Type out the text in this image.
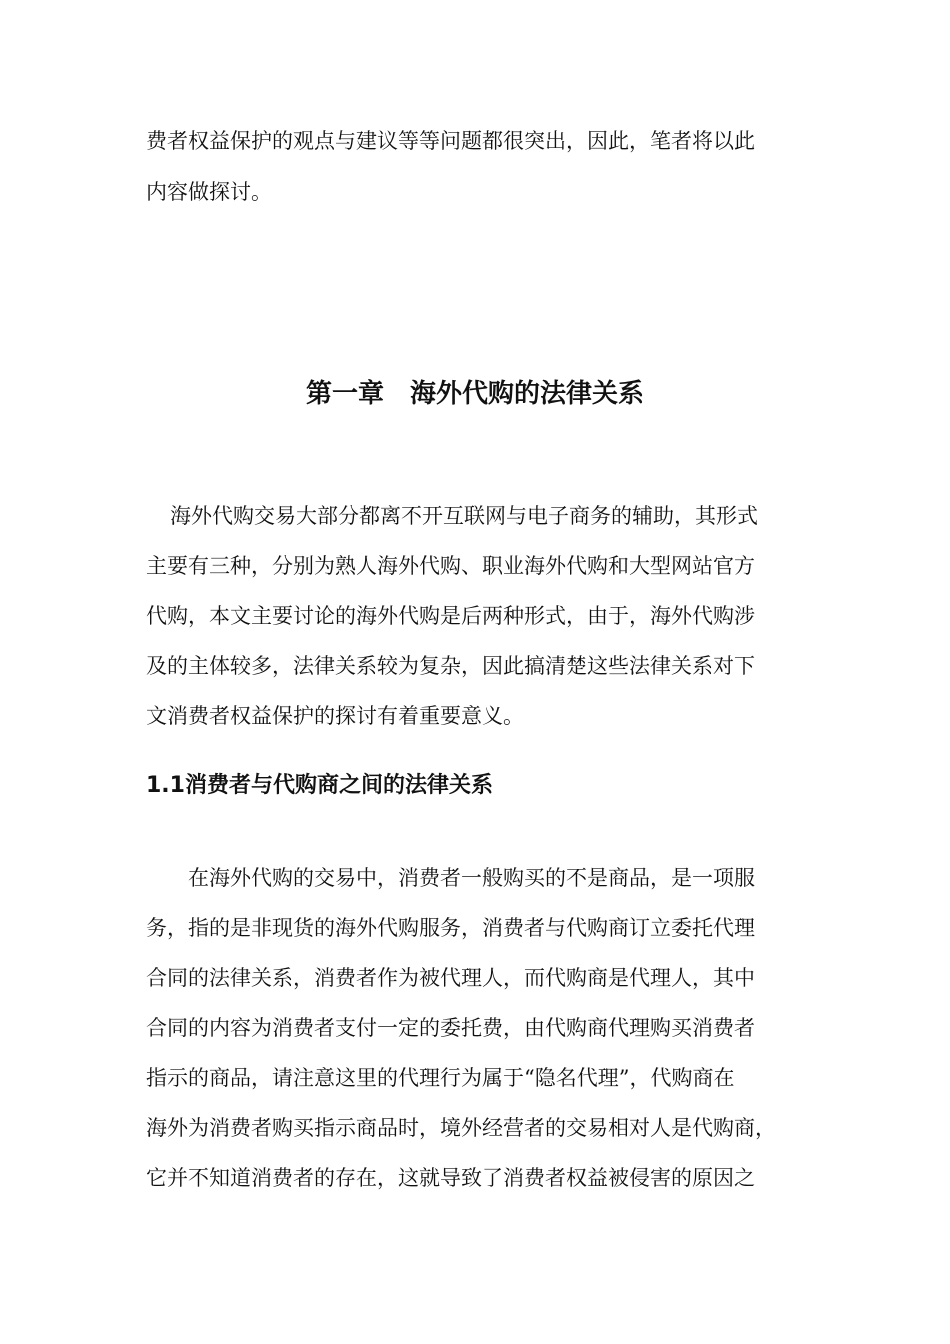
费者权益保护的观点与建议等等问题都很突出，因此，笔者将以此
内容做探讨。
第一章　海外代购的法律关系
海外代购交易大部分都离不开互联网与电子商务的辅助，其形式
主要有三种，分别为熟人海外代购、职业海外代购和大型网站官方
代购，本文主要讨论的海外代购是后两种形式，由于，海外代购涉
及的主体较多，法律关系较为复杂，因此搞清楚这些法律关系对下
文消费者权益保护的探讨有着重要意义。
1.1消费者与代购商之间的法律关系
在海外代购的交易中，消费者一般购买的不是商品，是一项服
务，指的是非现货的海外代购服务，消费者与代购商订立委托代理
合同的法律关系，消费者作为被代理人，而代购商是代理人，其中
合同的内容为消费者支付一定的委托费，由代购商代理购买消费者
指示的商品，请注意这里的代理行为属于“隐名代理”，代购商在
海外为消费者购买指示商品时，境外经营者的交易相对人是代购商，
它并不知道消费者的存在，这就导致了消费者权益被侵害的原因之
